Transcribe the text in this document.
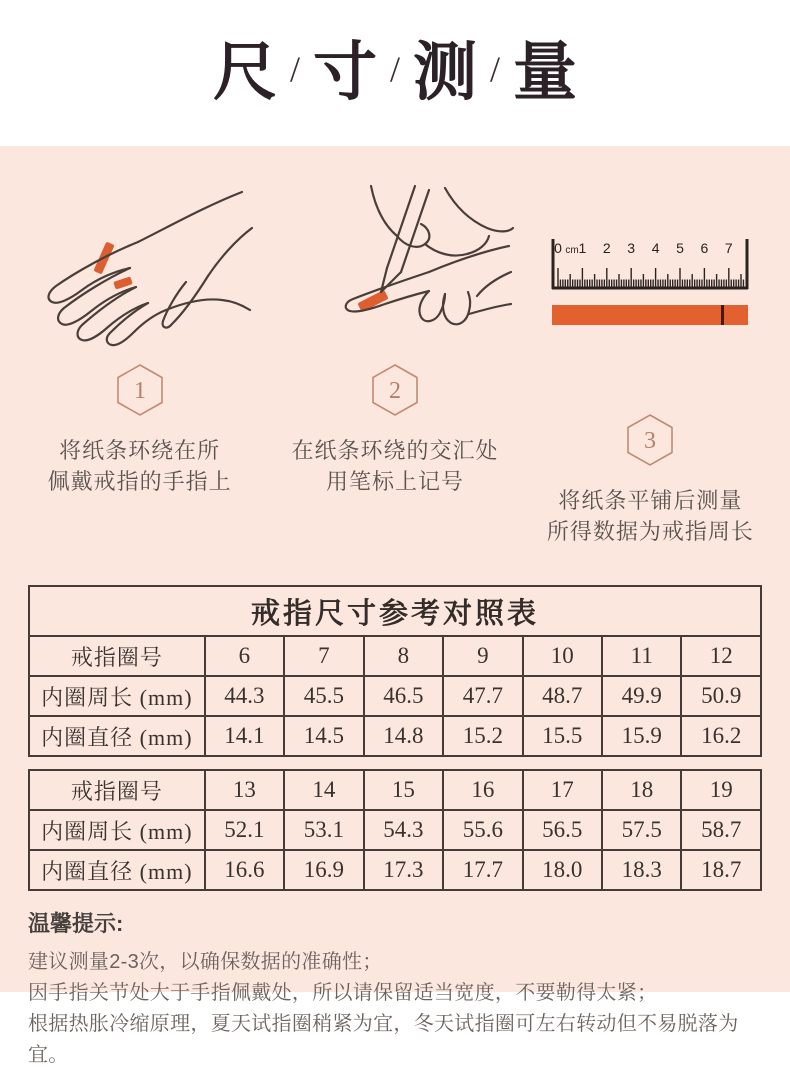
尺 / 寸 / 测 / 量
1
将纸条环绕在所
佩戴戒指的手指上
2
在纸条环绕的交汇处
用笔标上记号
0 cm 1 2 3 4 5 6 7
3
将纸条平铺后测量
所得数据为戒指周长
戒指尺寸参考对照表							
戒指圈号	6	7	8	9	10	11	12
内圈周长 (mm)	44.3	45.5	46.5	47.7	48.7	49.9	50.9
内圈直径 (mm)	14.1	14.5	14.8	15.2	15.5	15.9	16.2
戒指圈号	13	14	15	16	17	18	19
内圈周长 (mm)	52.1	53.1	54.3	55.6	56.5	57.5	58.7
内圈直径 (mm)	16.6	16.9	17.3	17.7	18.0	18.3	18.7
温馨提示:
建议测量2-3次，以确保数据的准确性；
因手指关节处大于手指佩戴处，所以请保留适当宽度，不要勒得太紧；
根据热胀冷缩原理，夏天试指圈稍紧为宜，冬天试指圈可左右转动但不易脱落为宜。
